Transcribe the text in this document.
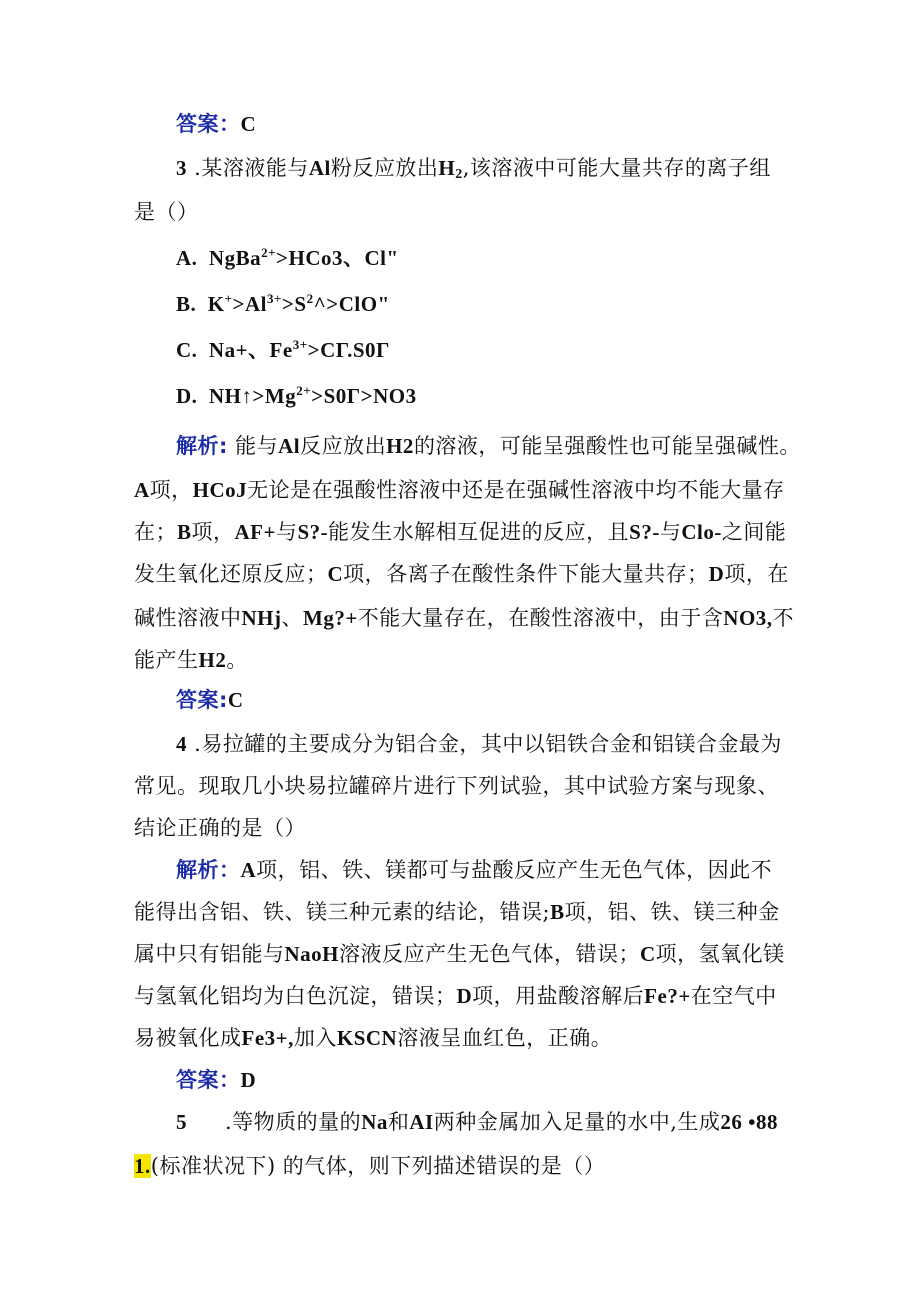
答案：C
3 .某溶液能与Al粉反应放出$H_2$,该溶液中可能大量共存的离子组
是（）
A. NgBa$^{2+}$>HCo3、Cl"
B. $K^+>Al^{3+}>S^2\^{}>ClO$"
C. Na+、$Fe^{3+}>C\Gamma.S0\Gamma$
D. $NH↑>Mg^{2+}>S0\Gamma>NO3$
解析: 能与Al反应放出H2的溶液，可能呈强酸性也可能呈强碱性。
A项，HCoJ无论是在强酸性溶液中还是在强碱性溶液中均不能大量存
在；B项，AF+与S?-能发生水解相互促进的反应，且S?-与Clo-之间能
发生氧化还原反应；C项，各离子在酸性条件下能大量共存；D项，在
碱性溶液中NHj、Mg?+不能大量存在，在酸性溶液中，由于含NO3,不
能产生H2。
答案:C
4 .易拉罐的主要成分为铝合金，其中以铝铁合金和铝镁合金最为
常见。现取几小块易拉罐碎片进行下列试验，其中试验方案与现象、
结论正确的是（）
解析：A项，铝、铁、镁都可与盐酸反应产生无色气体，因此不
能得出含铝、铁、镁三种元素的结论，错误;B项，铝、铁、镁三种金
属中只有铝能与NaoH溶液反应产生无色气体，错误；C项，氢氧化镁
与氢氧化铝均为白色沉淀，错误；D项，用盐酸溶解后Fe?+在空气中
易被氧化成Fe3+,加入KSCN溶液呈血红色，正确。
答案：D
5 .等物质的量的Na和AI两种金属加入足量的水中,生成26 •88
1.(标准状况下) 的气体，则下列描述错误的是（）
